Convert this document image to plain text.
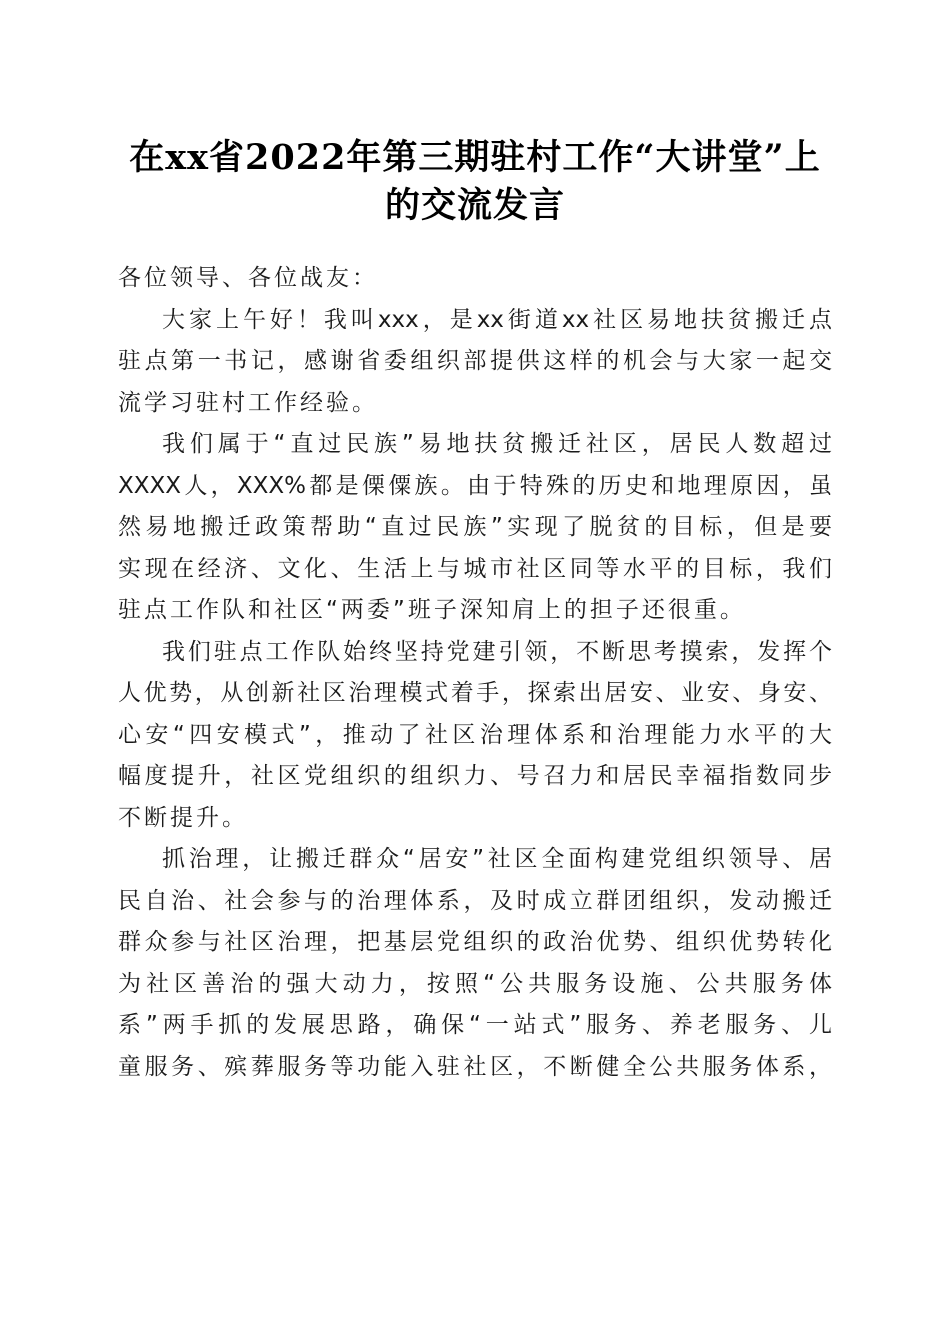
在xx省2022年第三期驻村工作“大讲堂”上
的交流发言
各位领导、各位战友：
大家上午好！我叫xxx，是xx街道xx社区易地扶贫搬迁点
驻点第一书记，感谢省委组织部提供这样的机会与大家一起交
流学习驻村工作经验。
我们属于“直过民族”易地扶贫搬迁社区，居民人数超过
XXXX人，XXX%都是傈僳族。由于特殊的历史和地理原因，虽
然易地搬迁政策帮助“直过民族”实现了脱贫的目标，但是要
实现在经济、文化、生活上与城市社区同等水平的目标，我们
驻点工作队和社区“两委”班子深知肩上的担子还很重。
我们驻点工作队始终坚持党建引领，不断思考摸索，发挥个
人优势，从创新社区治理模式着手，探索出居安、业安、身安、
心安“四安模式”，推动了社区治理体系和治理能力水平的大
幅度提升，社区党组织的组织力、号召力和居民幸福指数同步
不断提升。
抓治理，让搬迁群众“居安”社区全面构建党组织领导、居
民自治、社会参与的治理体系，及时成立群团组织，发动搬迁
群众参与社区治理，把基层党组织的政治优势、组织优势转化
为社区善治的强大动力，按照“公共服务设施、公共服务体
系”两手抓的发展思路，确保“一站式”服务、养老服务、儿
童服务、殡葬服务等功能入驻社区，不断健全公共服务体系，
